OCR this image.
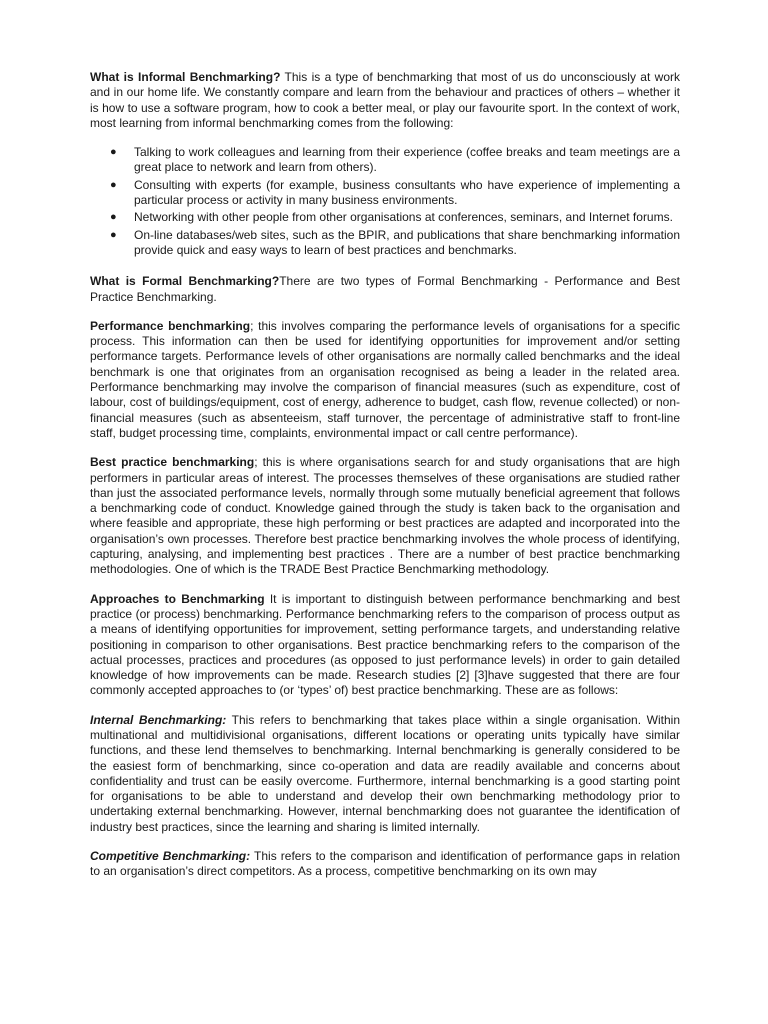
What is Informal Benchmarking? This is a type of benchmarking that most of us do unconsciously at work and in our home life. We constantly compare and learn from the behaviour and practices of others – whether it is how to use a software program, how to cook a better meal, or play our favourite sport. In the context of work, most learning from informal benchmarking comes from the following:

● Talking to work colleagues and learning from their experience (coffee breaks and team meetings are a great place to network and learn from others).
● Consulting with experts (for example, business consultants who have experience of implementing a particular process or activity in many business environments.
● Networking with other people from other organisations at conferences, seminars, and Internet forums.
● On-line databases/web sites, such as the BPIR, and publications that share benchmarking information provide quick and easy ways to learn of best practices and benchmarks.

What is Formal Benchmarking?There are two types of Formal Benchmarking - Performance and Best Practice Benchmarking.

Performance benchmarking; this involves comparing the performance levels of organisations for a specific process. This information can then be used for identifying opportunities for improvement and/or setting performance targets. Performance levels of other organisations are normally called benchmarks and the ideal benchmark is one that originates from an organisation recognised as being a leader in the related area. Performance benchmarking may involve the comparison of financial measures (such as expenditure, cost of labour, cost of buildings/equipment, cost of energy, adherence to budget, cash flow, revenue collected) or non-financial measures (such as absenteeism, staff turnover, the percentage of administrative staff to front-line staff, budget processing time, complaints, environmental impact or call centre performance).

Best practice benchmarking; this is where organisations search for and study organisations that are high performers in particular areas of interest. The processes themselves of these organisations are studied rather than just the associated performance levels, normally through some mutually beneficial agreement that follows a benchmarking code of conduct. Knowledge gained through the study is taken back to the organisation and where feasible and appropriate, these high performing or best practices are adapted and incorporated into the organisation’s own processes. Therefore best practice benchmarking involves the whole process of identifying, capturing, analysing, and implementing best practices . There are a number of best practice benchmarking methodologies. One of which is the TRADE Best Practice Benchmarking methodology.

Approaches to Benchmarking It is important to distinguish between performance benchmarking and best practice (or process) benchmarking. Performance benchmarking refers to the comparison of process output as a means of identifying opportunities for improvement, setting performance targets, and understanding relative positioning in comparison to other organisations. Best practice benchmarking refers to the comparison of the actual processes, practices and procedures (as opposed to just performance levels) in order to gain detailed knowledge of how improvements can be made. Research studies [2] [3]have suggested that there are four commonly accepted approaches to (or ‘types’ of) best practice benchmarking. These are as follows:

Internal Benchmarking: This refers to benchmarking that takes place within a single organisation. Within multinational and multidivisional organisations, different locations or operating units typically have similar functions, and these lend themselves to benchmarking. Internal benchmarking is generally considered to be the easiest form of benchmarking, since co-operation and data are readily available and concerns about confidentiality and trust can be easily overcome. Furthermore, internal benchmarking is a good starting point for organisations to be able to understand and develop their own benchmarking methodology prior to undertaking external benchmarking. However, internal benchmarking does not guarantee the identification of industry best practices, since the learning and sharing is limited internally.

Competitive Benchmarking: This refers to the comparison and identification of performance gaps in relation to an organisation’s direct competitors. As a process, competitive benchmarking on its own may
